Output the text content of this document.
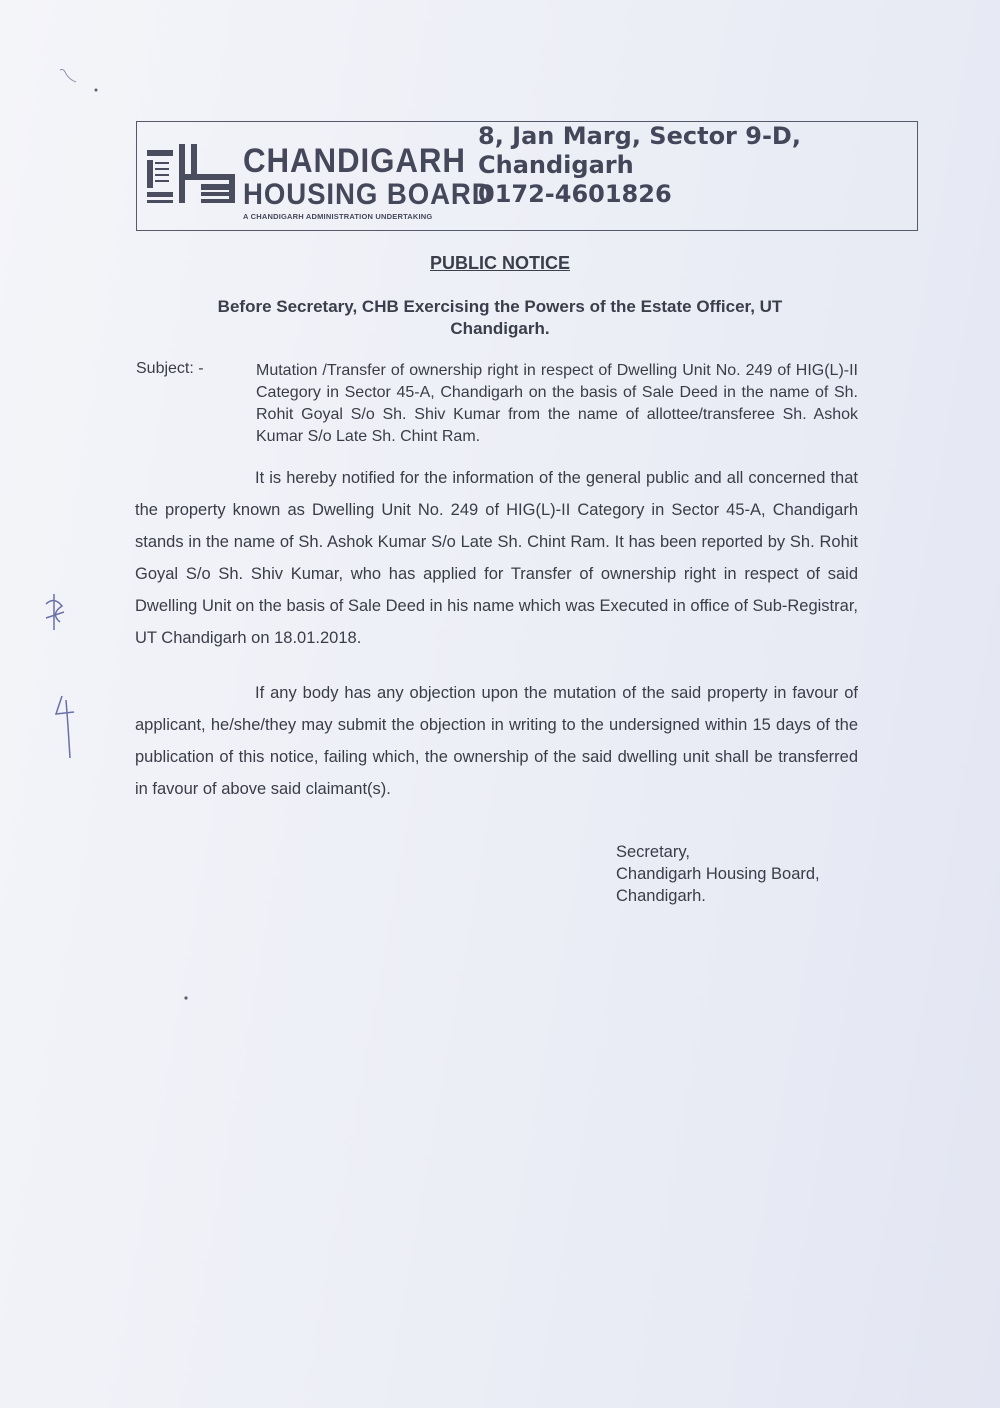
CHANDIGARH
HOUSING BOARD
A CHANDIGARH ADMINISTRATION UNDERTAKING
8, Jan Marg, Sector 9-D,
Chandigarh
0172-4601826
PUBLIC NOTICE
Before Secretary, CHB Exercising the Powers of the Estate Officer, UT Chandigarh.
Subject: -	Mutation /Transfer of ownership right in respect of Dwelling Unit No. 249 of HIG(L)-II Category in Sector 45-A, Chandigarh on the basis of Sale Deed in the name of Sh. Rohit Goyal S/o Sh. Shiv Kumar from the name of allottee/transferee Sh. Ashok Kumar S/o Late Sh. Chint Ram.
It is hereby notified for the information of the general public and all concerned that the property known as Dwelling Unit No. 249 of HIG(L)-II Category in Sector 45-A, Chandigarh stands in the name of Sh. Ashok Kumar S/o Late Sh. Chint Ram. It has been reported by Sh. Rohit Goyal S/o Sh. Shiv Kumar, who has applied for Transfer of ownership right in respect of said Dwelling Unit on the basis of Sale Deed in his name which was Executed in office of Sub-Registrar, UT Chandigarh on 18.01.2018.
If any body has any objection upon the mutation of the said property in favour of applicant, he/she/they may submit the objection in writing to the undersigned within 15 days of the publication of this notice, failing which, the ownership of the said dwelling unit shall be transferred in favour of above said claimant(s).
Secretary,
Chandigarh Housing Board,
Chandigarh.
